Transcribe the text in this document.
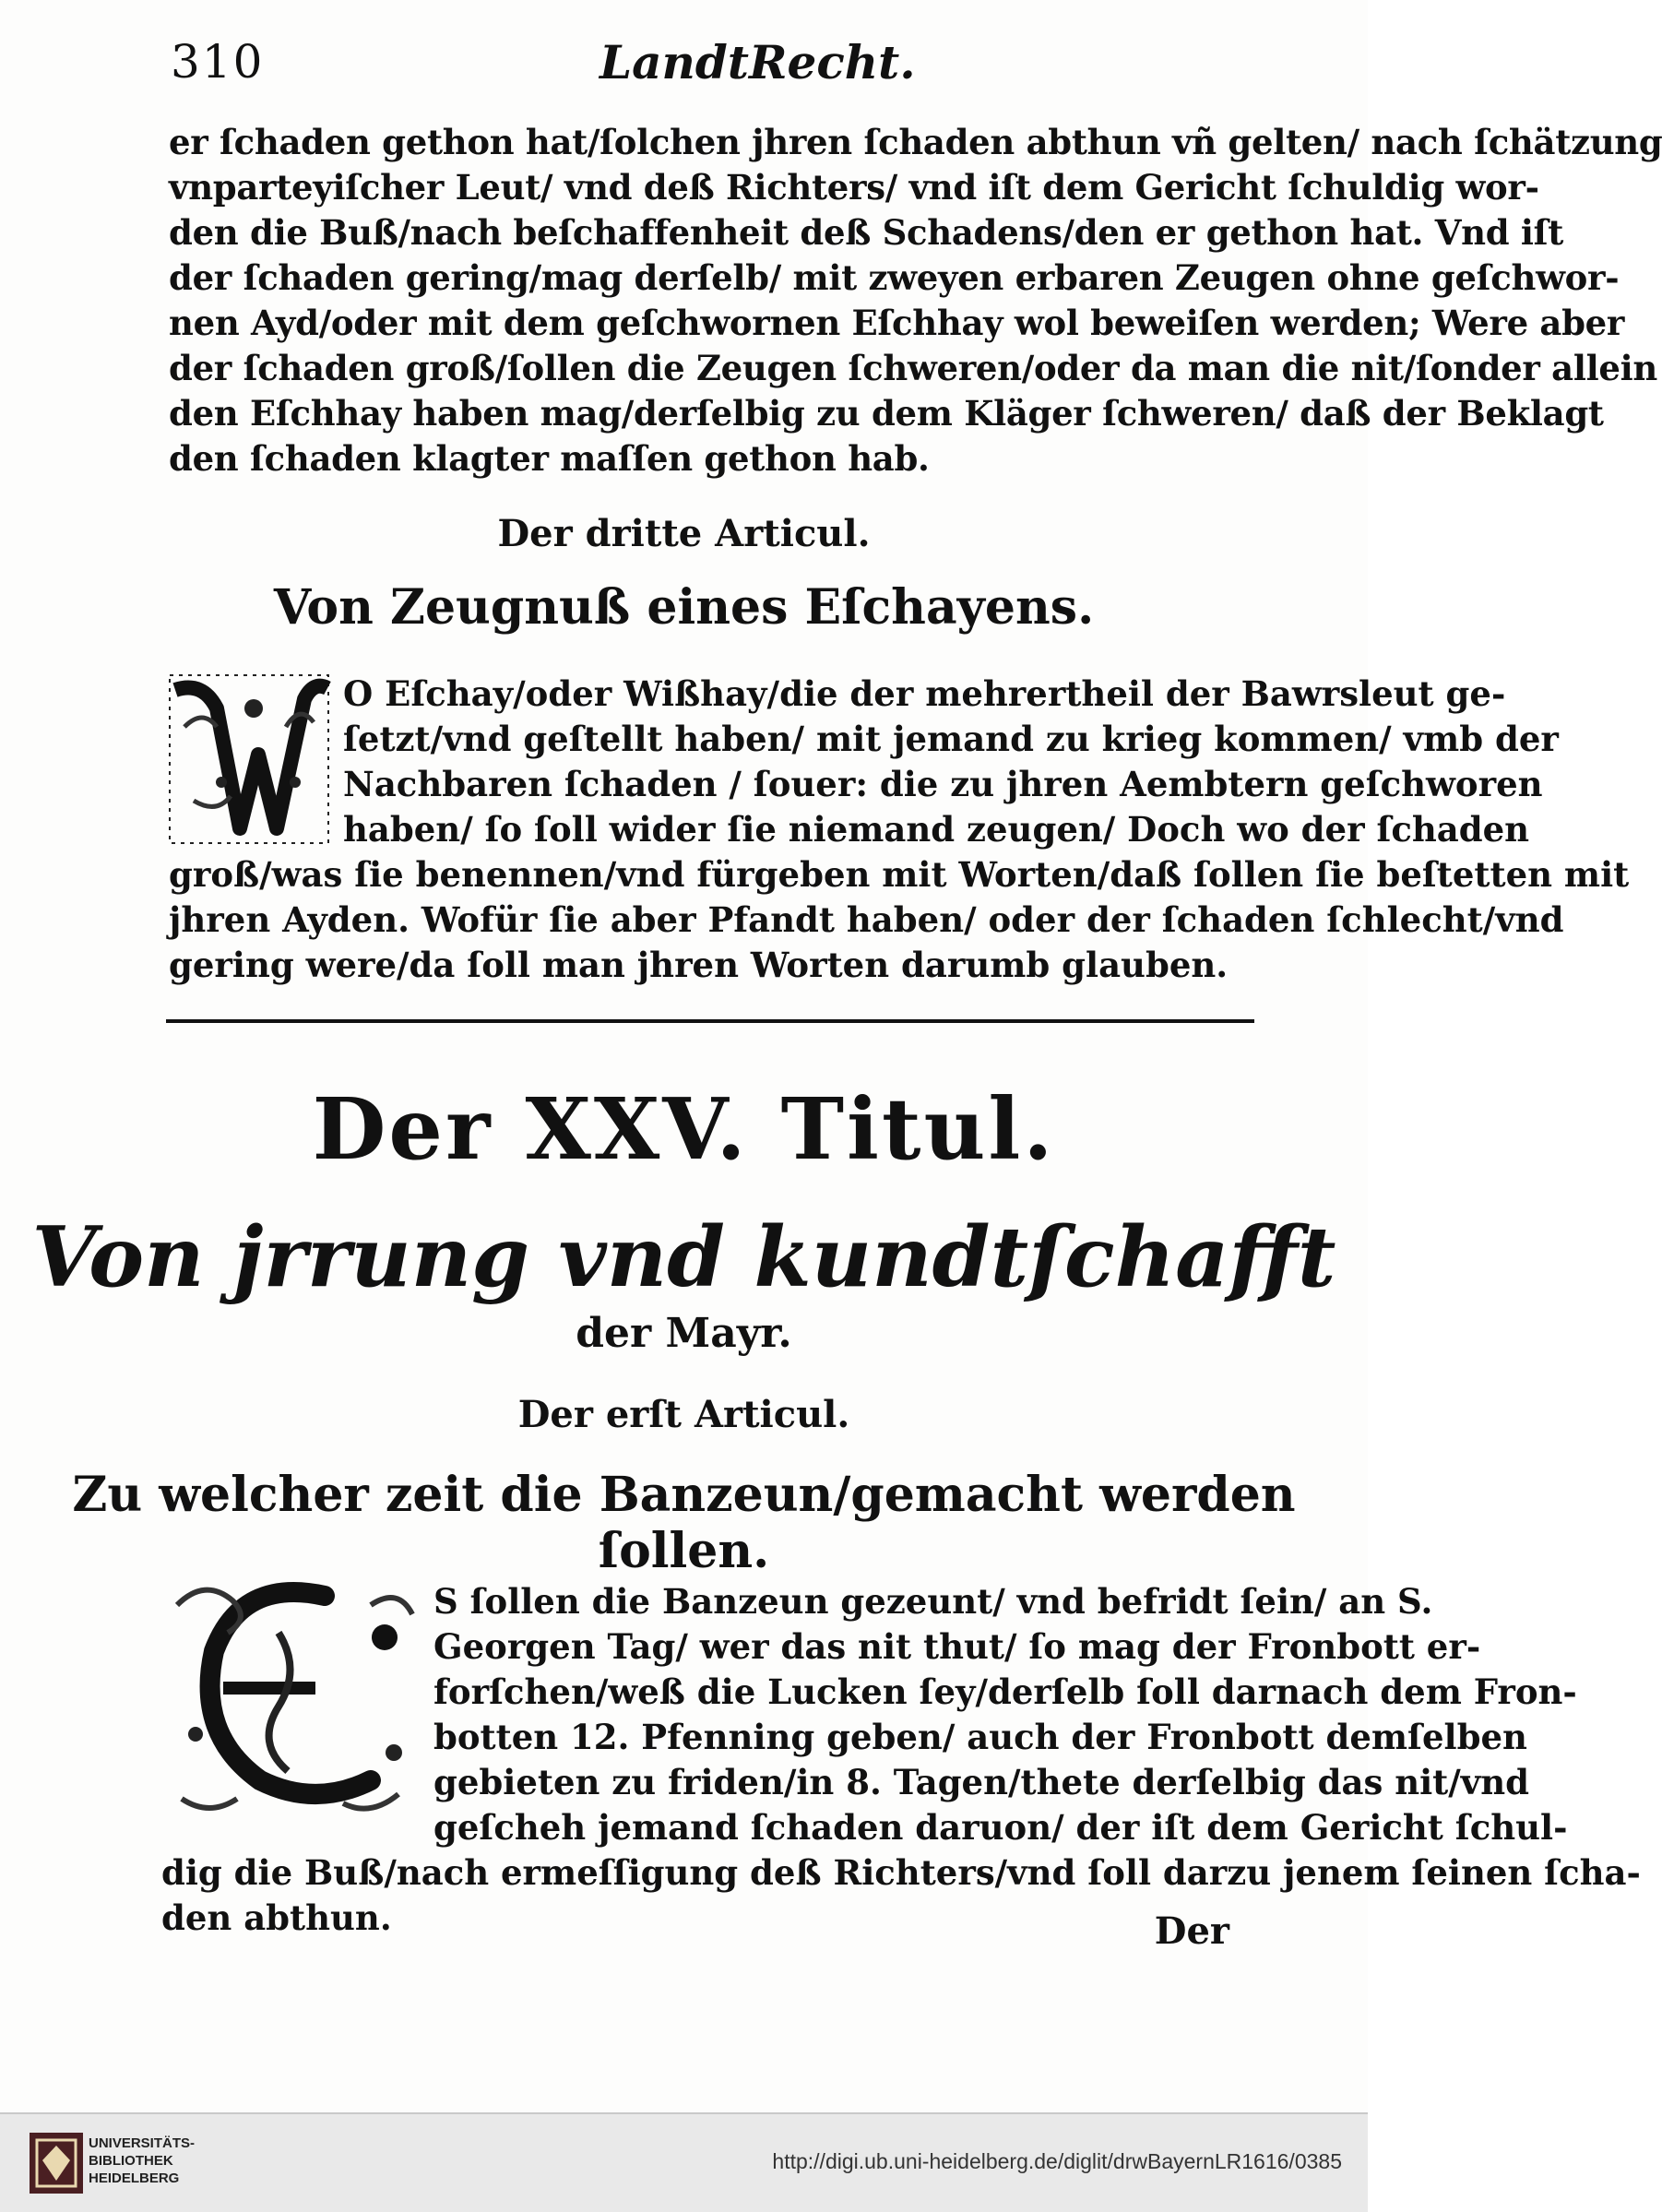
310	LandtRecht.
er ſchaden gethon hat/ſolchen jhren ſchaden abthun vñ gelten/ nach ſchätzung
vnparteyiſcher Leut/ vnd deß Richters/ vnd iſt dem Gericht ſchuldig wor-
den die Buß/nach beſchaffenheit deß Schadens/den er gethon hat. Vnd iſt
der ſchaden gering/mag derſelb/ mit zweyen erbaren Zeugen ohne geſchwor-
nen Ayd/oder mit dem geſchwornen Eſchhay wol beweiſen werden; Were aber
der ſchaden groß/ſollen die Zeugen ſchweren/oder da man die nit/ſonder allein
den Eſchhay haben mag/derſelbig zu dem Kläger ſchweren/ daß der Beklagt
den ſchaden klagter maſſen gethon hab.
Der dritte Articul.
Von Zeugnuß eines Eſchayens.
O Eſchay/oder Wißhay/die der mehrertheil der Bawrsleut ge-
ſetzt/vnd geſtellt haben/ mit jemand zu krieg kommen/ vmb der
Nachbaren ſchaden / ſouer: die zu jhren Aembtern geſchworen
haben/ ſo ſoll wider ſie niemand zeugen/ Doch wo der ſchaden
groß/was ſie benennen/vnd fürgeben mit Worten/daß ſollen ſie beſtetten mit
jhren Ayden. Wofür ſie aber Pfandt haben/ oder der ſchaden ſchlecht/vnd
gering were/da ſoll man jhren Worten darumb glauben.
Der XXV. Titul.
Von jrrung vnd kundtſchafft
der Mayr.
Der erſt Articul.
Zu welcher zeit die Banzeun/gemacht werden ſollen.
S ſollen die Banzeun gezeunt/ vnd befridt ſein/ an S.
Georgen Tag/ wer das nit thut/ ſo mag der Fronbott er-
forſchen/weß die Lucken ſey/derſelb ſoll darnach dem Fron-
botten 12. Pfenning geben/ auch der Fronbott demſelben
gebieten zu friden/in 8. Tagen/thete derſelbig das nit/vnd
geſcheh jemand ſchaden daruon/ der iſt dem Gericht ſchul-
dig die Buß/nach ermeſſigung deß Richters/vnd ſoll darzu jenem ſeinen ſcha-
den abthun.	Der
UNIVERSITÄTS-
BIBLIOTHEK
HEIDELBERG
http://digi.ub.uni-heidelberg.de/diglit/drwBayernLR1616/0385
